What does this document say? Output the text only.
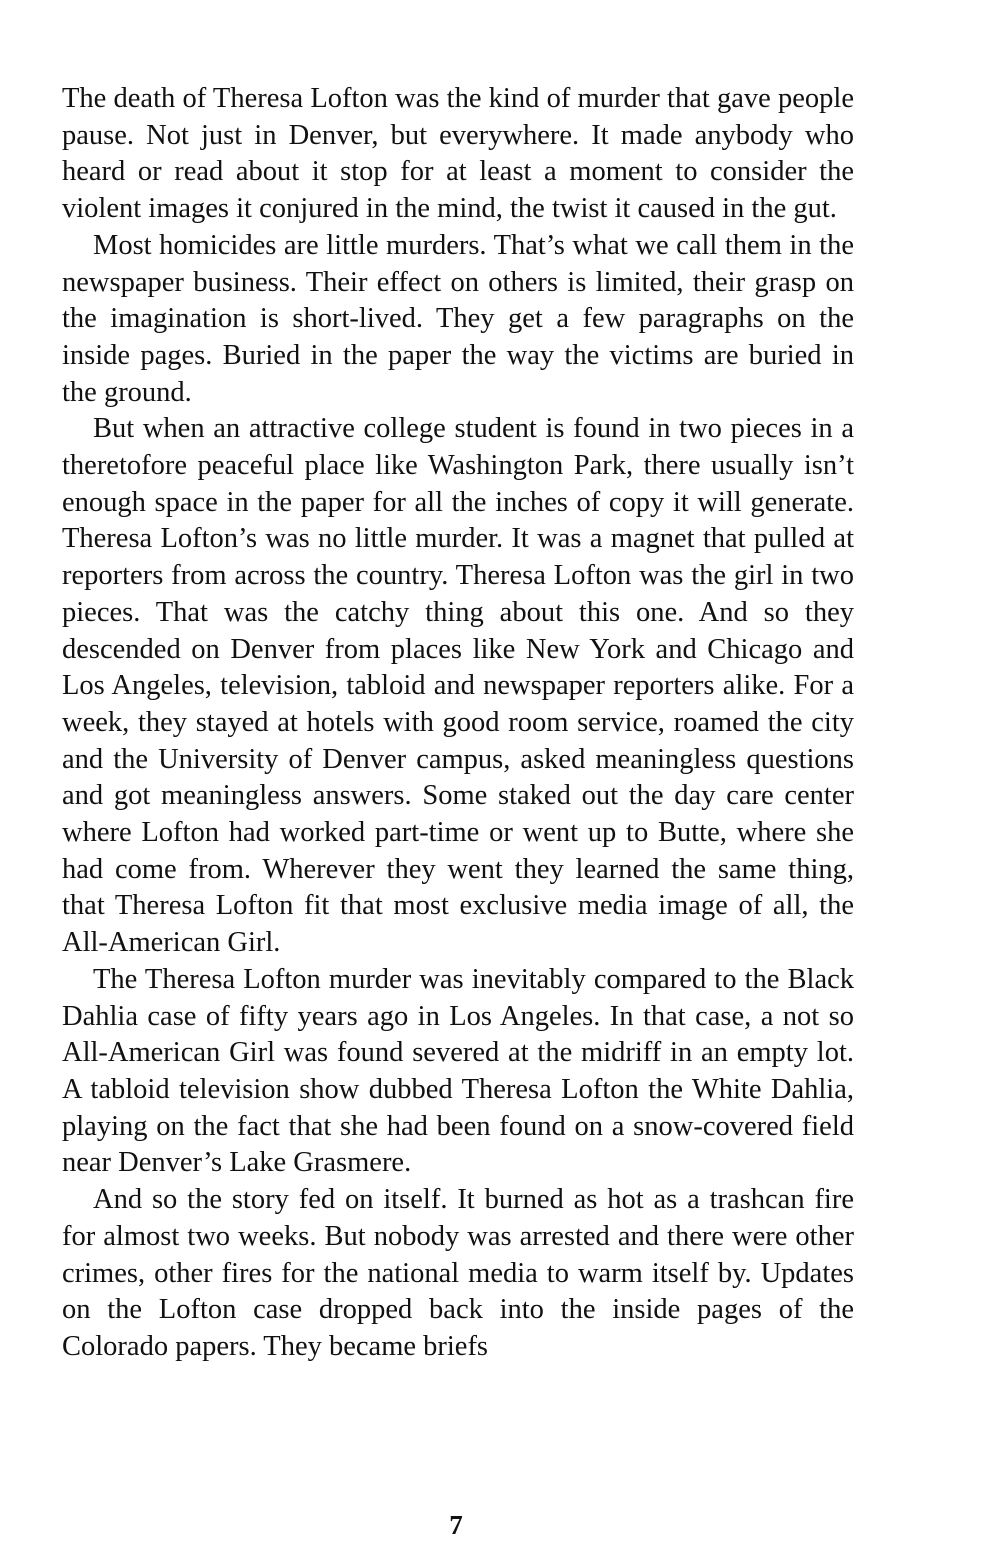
The death of Theresa Lofton was the kind of murder that gave people pause. Not just in Denver, but everywhere. It made anybody who heard or read about it stop for at least a moment to consider the violent images it conjured in the mind, the twist it caused in the gut.

Most homicides are little murders. That’s what we call them in the newspaper business. Their effect on others is limited, their grasp on the imagination is short-lived. They get a few paragraphs on the inside pages. Buried in the paper the way the victims are buried in the ground.

But when an attractive college student is found in two pieces in a theretofore peaceful place like Washington Park, there usually isn’t enough space in the paper for all the inches of copy it will generate. Theresa Lofton’s was no little murder. It was a magnet that pulled at reporters from across the country. Theresa Lofton was the girl in two pieces. That was the catchy thing about this one. And so they descended on Denver from places like New York and Chicago and Los Angeles, television, tabloid and newspaper reporters alike. For a week, they stayed at hotels with good room service, roamed the city and the University of Denver campus, asked meaningless questions and got meaningless answers. Some staked out the day care center where Lofton had worked part-time or went up to Butte, where she had come from. Wherever they went they learned the same thing, that Theresa Lofton fit that most exclusive media image of all, the All-American Girl.

The Theresa Lofton murder was inevitably compared to the Black Dahlia case of fifty years ago in Los Angeles. In that case, a not so All-American Girl was found severed at the midriff in an empty lot. A tabloid television show dubbed Theresa Lofton the White Dahlia, playing on the fact that she had been found on a snow-covered field near Denver’s Lake Grasmere.

And so the story fed on itself. It burned as hot as a trashcan fire for almost two weeks. But nobody was arrested and there were other crimes, other fires for the national media to warm itself by. Updates on the Lofton case dropped back into the inside pages of the Colorado papers. They became briefs

7
